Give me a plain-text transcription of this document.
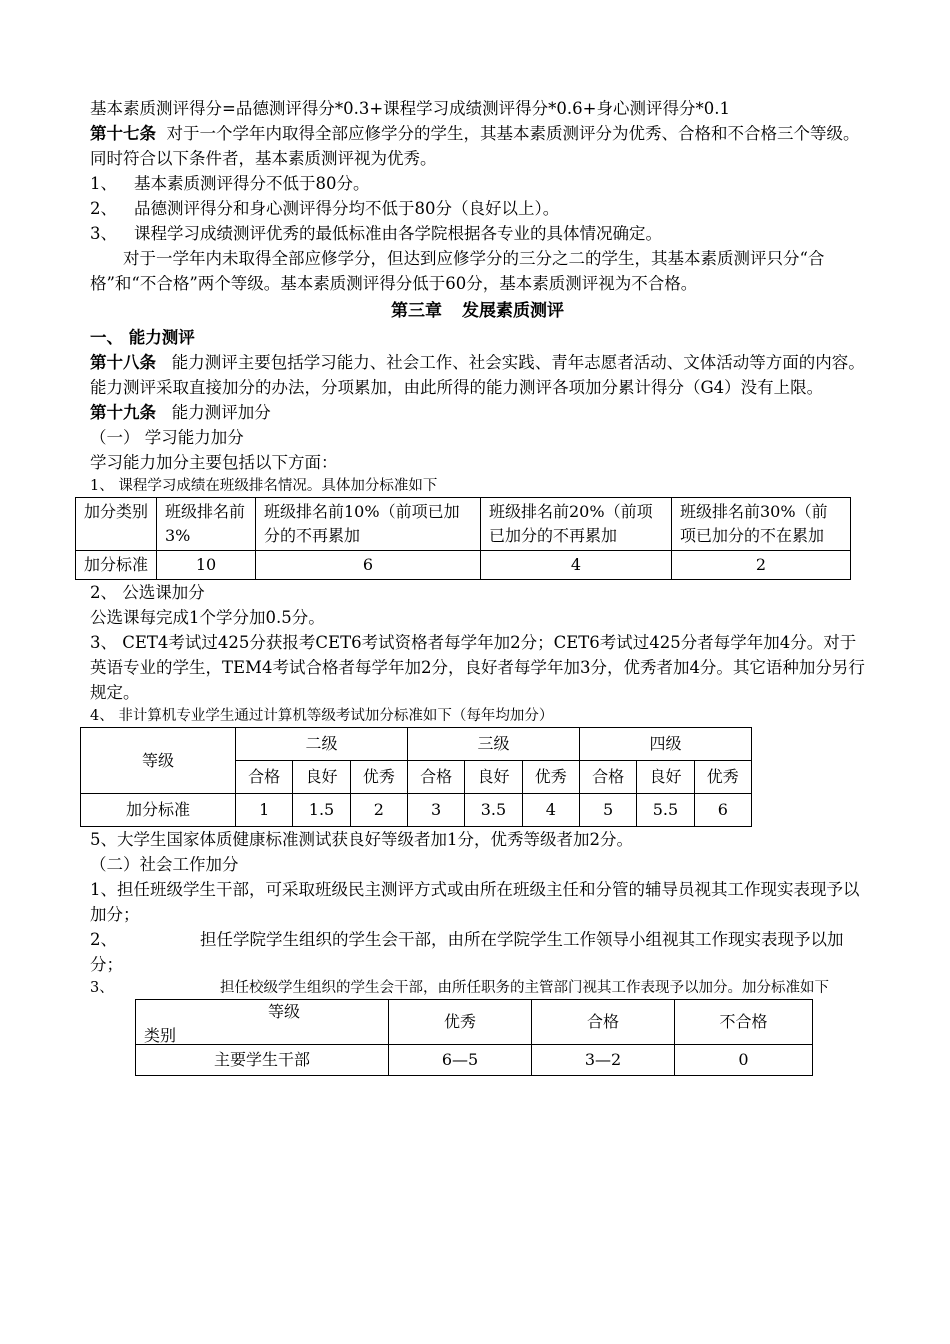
基本素质测评得分=品德测评得分*0.3+课程学习成绩测评得分*0.6+身心测评得分*0.1

第十七条 对于一个学年内取得全部应修学分的学生，其基本素质测评分为优秀、合格和不合格三个等级。

同时符合以下条件者，基本素质测评视为优秀。

1、 基本素质测评得分不低于80分。

2、 品德测评得分和身心测评得分均不低于80分（良好以上）。

3、 课程学习成绩测评优秀的最低标准由各学院根据各专业的具体情况确定。

对于一学年内未取得全部应修学分，但达到应修学分的三分之二的学生，其基本素质测评只分“合格”和“不合格”两个等级。基本素质测评得分低于60分，基本素质测评视为不合格。

第三章 发展素质测评

一、 能力测评

第十八条 能力测评主要包括学习能力、社会工作、社会实践、青年志愿者活动、文体活动等方面的内容。能力测评采取直接加分的办法，分项累加，由此所得的能力测评各项加分累计得分（G4）没有上限。

第十九条 能力测评加分

（一） 学习能力加分

学习能力加分主要包括以下方面：

1、 课程学习成绩在班级排名情况。具体加分标准如下

加分类别	班级排名前3%	班级排名前10%（前项已加分的不再累加	班级排名前20%（前项已加分的不再累加	班级排名前30%（前项已加分的不在累加
加分标准	10	6	4	2

2、 公选课加分

公选课每完成1个学分加0.5分。

3、 CET4考试过425分获报考CET6考试资格者每学年加2分；CET6考试过425分者每学年加4分。对于英语专业的学生，TEM4考试合格者每学年加2分，良好者每学年加3分，优秀者加4分。其它语种加分另行规定。

4、 非计算机专业学生通过计算机等级考试加分标准如下（每年均加分）

等级	二级			三级			四级		
	合格	良好	优秀	合格	良好	优秀	合格	良好	优秀
加分标准	1	1.5	2	3	3.5	4	5	5.5	6

5、大学生国家体质健康标准测试获良好等级者加1分，优秀等级者加2分。

（二）社会工作加分

1、担任班级学生干部，可采取班级民主测评方式或由所在班级主任和分管的辅导员视其工作现实表现予以加分；

2、	担任学院学生组织的学生会干部，由所在学院学生工作领导小组视其工作现实表现予以加分；

3、	担任校级学生组织的学生会干部，由所任职务的主管部门视其工作表现予以加分。加分标准如下

等级
类别	优秀	合格	不合格
主要学生干部	6—5	3—2	0
